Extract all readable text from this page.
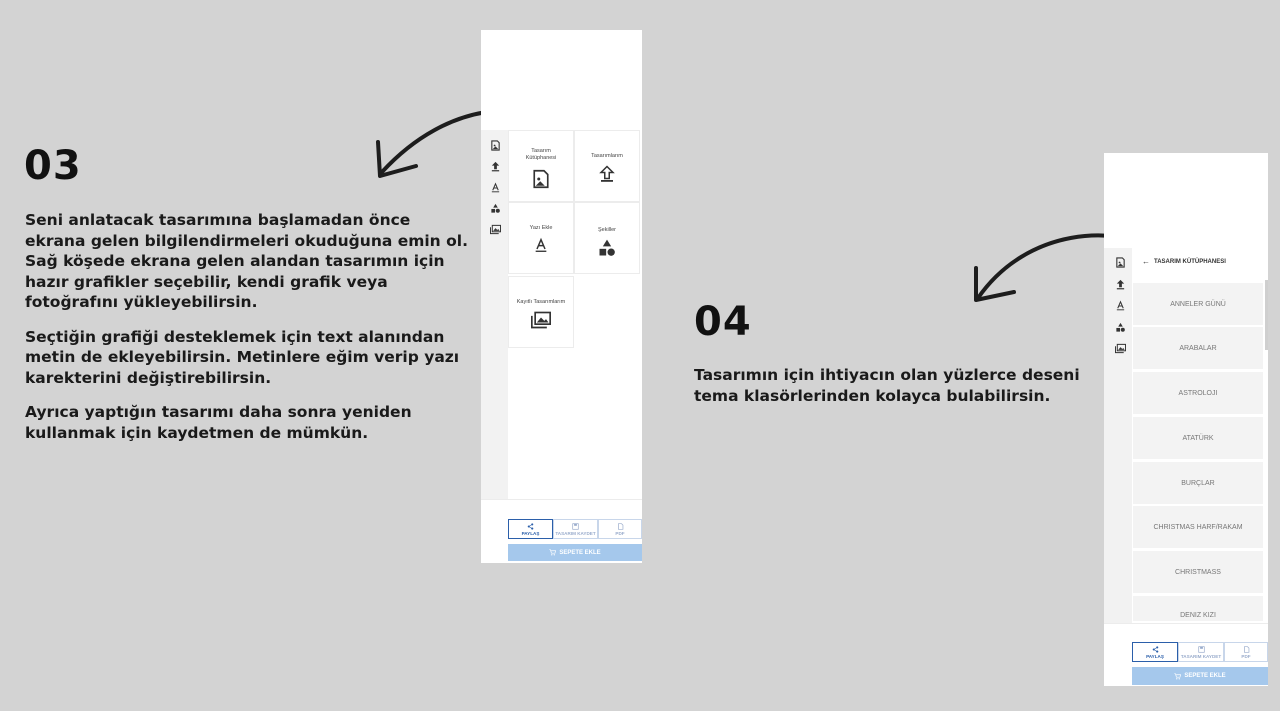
03

Seni anlatacak tasarımına başlamadan önce ekrana gelen bilgilendirmeleri okuduğuna emin ol. Sağ köşede ekrana gelen alandan tasarımın için hazır grafikler seçebilir, kendi grafik veya fotoğrafını yükleyebilirsin.

Seçtiğin grafiği desteklemek için text alanından metin de ekleyebilirsin. Metinlere eğim verip yazı karekterini değiştirebilirsin.

Ayrıca yaptığın tasarımı daha sonra yeniden kullanmak için kaydetmen de mümkün.

Tasarım Kütüphanesi	Tasarımlarım
Yazı Ekle	Şekiller
Kayıtlı Tasarımlarım
PAYLAŞ	TASARIM KAYDET	PDF
SEPETE EKLE
04

Tasarımın için ihtiyacın olan yüzlerce deseni tema klasörlerinden kolayca bulabilirsin.

← TASARIM KÜTÜPHANESI
ANNELER GÜNÜ
ARABALAR
ASTROLOJI
ATATÜRK
BURÇLAR
CHRISTMAS HARF/RAKAM
CHRISTMASS
DENIZ KIZI
PAYLAŞ	TASARIM KAYDET	PDF
SEPETE EKLE
